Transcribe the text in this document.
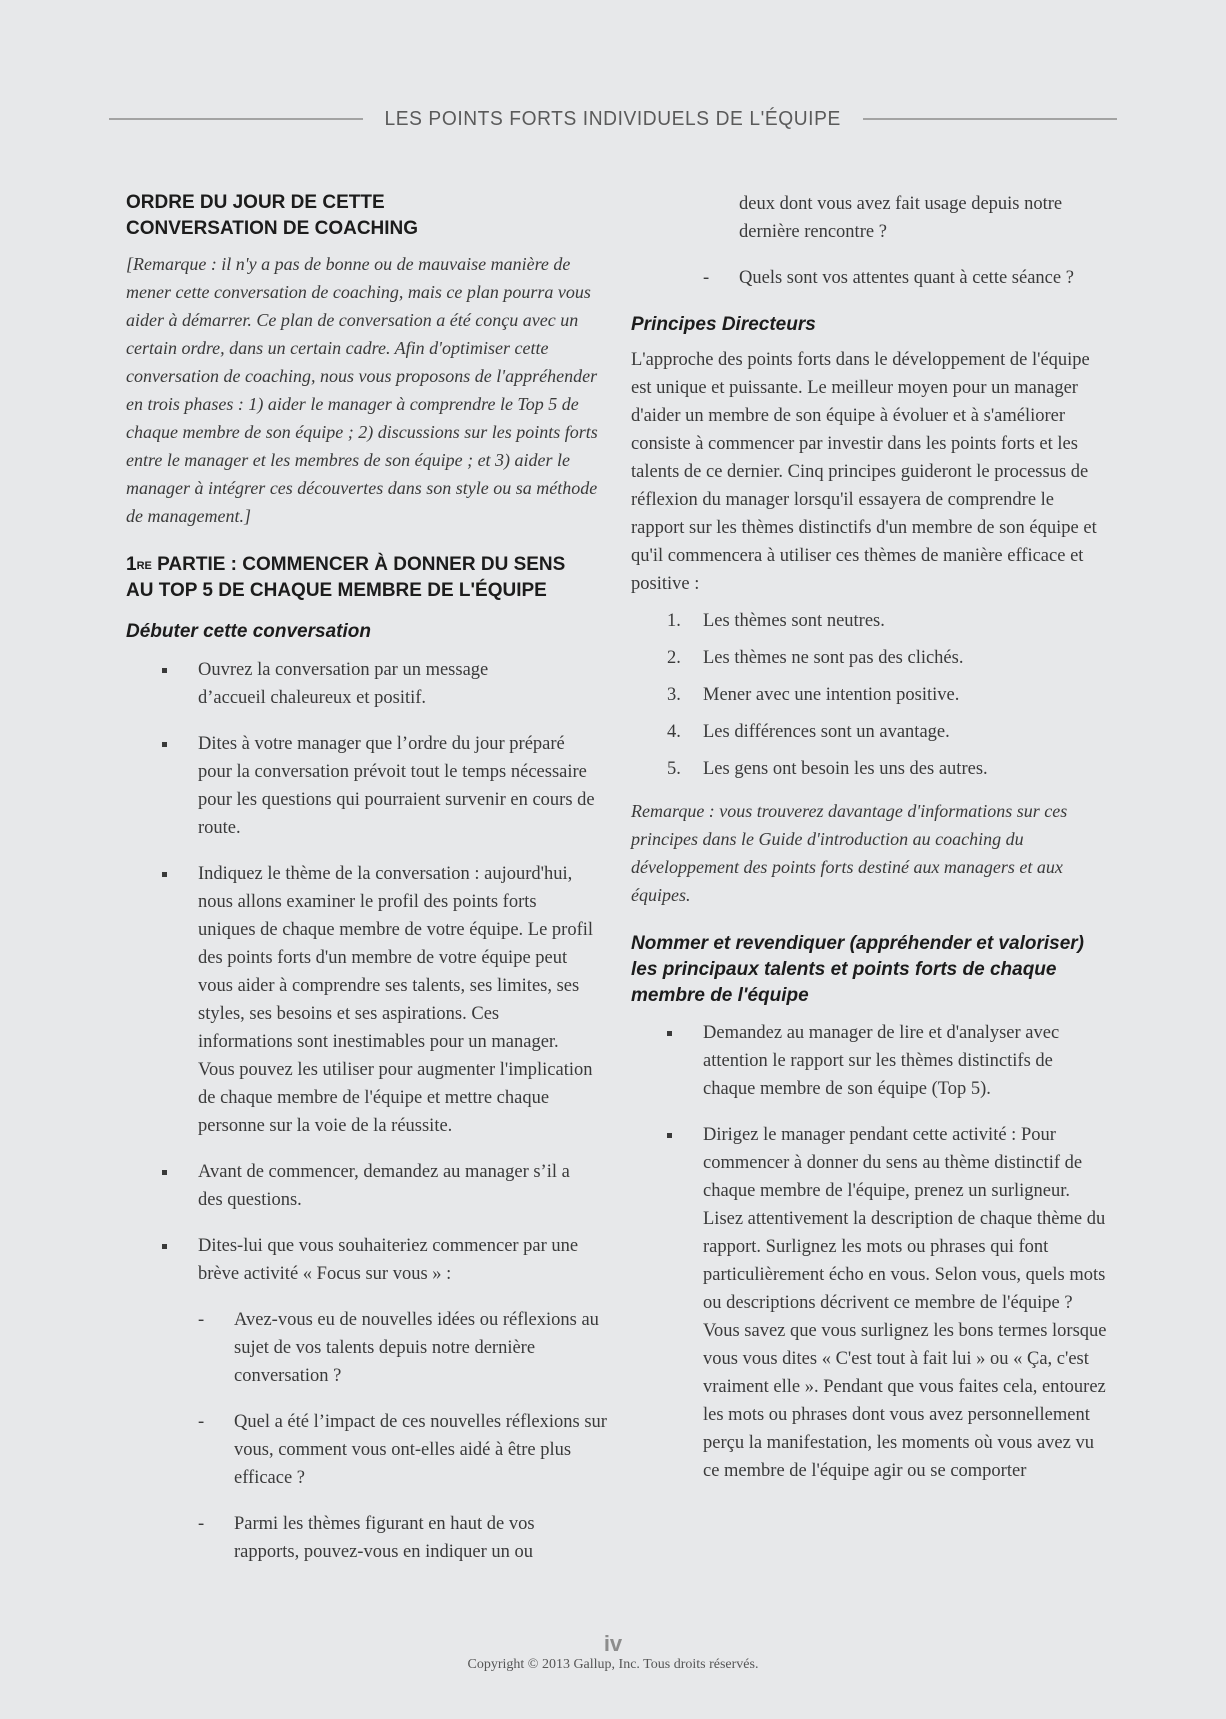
LES POINTS FORTS INDIVIDUELS DE L'ÉQUIPE
ORDRE DU JOUR DE CETTE
CONVERSATION DE COACHING

[Remarque : il n'y a pas de bonne ou de mauvaise manière de mener cette conversation de coaching, mais ce plan pourra vous aider à démarrer. Ce plan de conversation a été conçu avec un certain ordre, dans un certain cadre. Afin d'optimiser cette conversation de coaching, nous vous proposons de l'appréhender en trois phases : 1) aider le manager à comprendre le Top 5 de chaque membre de son équipe ; 2) discussions sur les points forts entre le manager et les membres de son équipe ; et 3) aider le manager à intégrer ces découvertes dans son style ou sa méthode de management.]

1RE PARTIE : COMMENCER À DONNER DU SENS
AU TOP 5 DE CHAQUE MEMBRE DE L'ÉQUIPE
Débuter cette conversation
Ouvrez la conversation par un message d’accueil chaleureux et positif.
Dites à votre manager que l’ordre du jour préparé pour la conversation prévoit tout le temps nécessaire pour les questions qui pourraient survenir en cours de route.
Indiquez le thème de la conversation : aujourd'hui, nous allons examiner le profil des points forts uniques de chaque membre de votre équipe. Le profil des points forts d'un membre de votre équipe peut vous aider à comprendre ses talents, ses limites, ses styles, ses besoins et ses aspirations. Ces informations sont inestimables pour un manager. Vous pouvez les utiliser pour augmenter l'implication de chaque membre de l'équipe et mettre chaque personne sur la voie de la réussite.
Avant de commencer, demandez au manager s’il a des questions.
Dites-lui que vous souhaiteriez commencer par une brève activité « Focus sur vous » :
- Avez-vous eu de nouvelles idées ou réflexions au sujet de vos talents depuis notre dernière conversation ?
- Quel a été l’impact de ces nouvelles réflexions sur vous, comment vous ont-elles aidé à être plus efficace ?
- Parmi les thèmes figurant en haut de vos rapports, pouvez-vous en indiquer un ou

deux dont vous avez fait usage depuis notre dernière rencontre ?

- Quels sont vos attentes quant à cette séance ?
Principes Directeurs

L'approche des points forts dans le développement de l'équipe est unique et puissante. Le meilleur moyen pour un manager d'aider un membre de son équipe à évoluer et à s'améliorer consiste à commencer par investir dans les points forts et les talents de ce dernier. Cinq principes guideront le processus de réflexion du manager lorsqu'il essayera de comprendre le rapport sur les thèmes distinctifs d'un membre de son équipe et qu'il commencera à utiliser ces thèmes de manière efficace et positive :

1. Les thèmes sont neutres.
2. Les thèmes ne sont pas des clichés.
3. Mener avec une intention positive.
4. Les différences sont un avantage.
5. Les gens ont besoin les uns des autres.

Remarque : vous trouverez davantage d'informations sur ces principes dans le Guide d'introduction au coaching du développement des points forts destiné aux managers et aux équipes.

Nommer et revendiquer (appréhender et valoriser) les principaux talents et points forts de chaque membre de l'équipe
Demandez au manager de lire et d'analyser avec attention le rapport sur les thèmes distinctifs de chaque membre de son équipe (Top 5).
Dirigez le manager pendant cette activité : Pour commencer à donner du sens au thème distinctif de chaque membre de l'équipe, prenez un surligneur. Lisez attentivement la description de chaque thème du rapport. Surlignez les mots ou phrases qui font particulièrement écho en vous. Selon vous, quels mots ou descriptions décrivent ce membre de l'équipe ? Vous savez que vous surlignez les bons termes lorsque vous vous dites « C'est tout à fait lui » ou « Ça, c'est vraiment elle ». Pendant que vous faites cela, entourez les mots ou phrases dont vous avez personnellement perçu la manifestation, les moments où vous avez vu ce membre de l'équipe agir ou se comporter
iv
Copyright © 2013 Gallup, Inc. Tous droits réservés.
